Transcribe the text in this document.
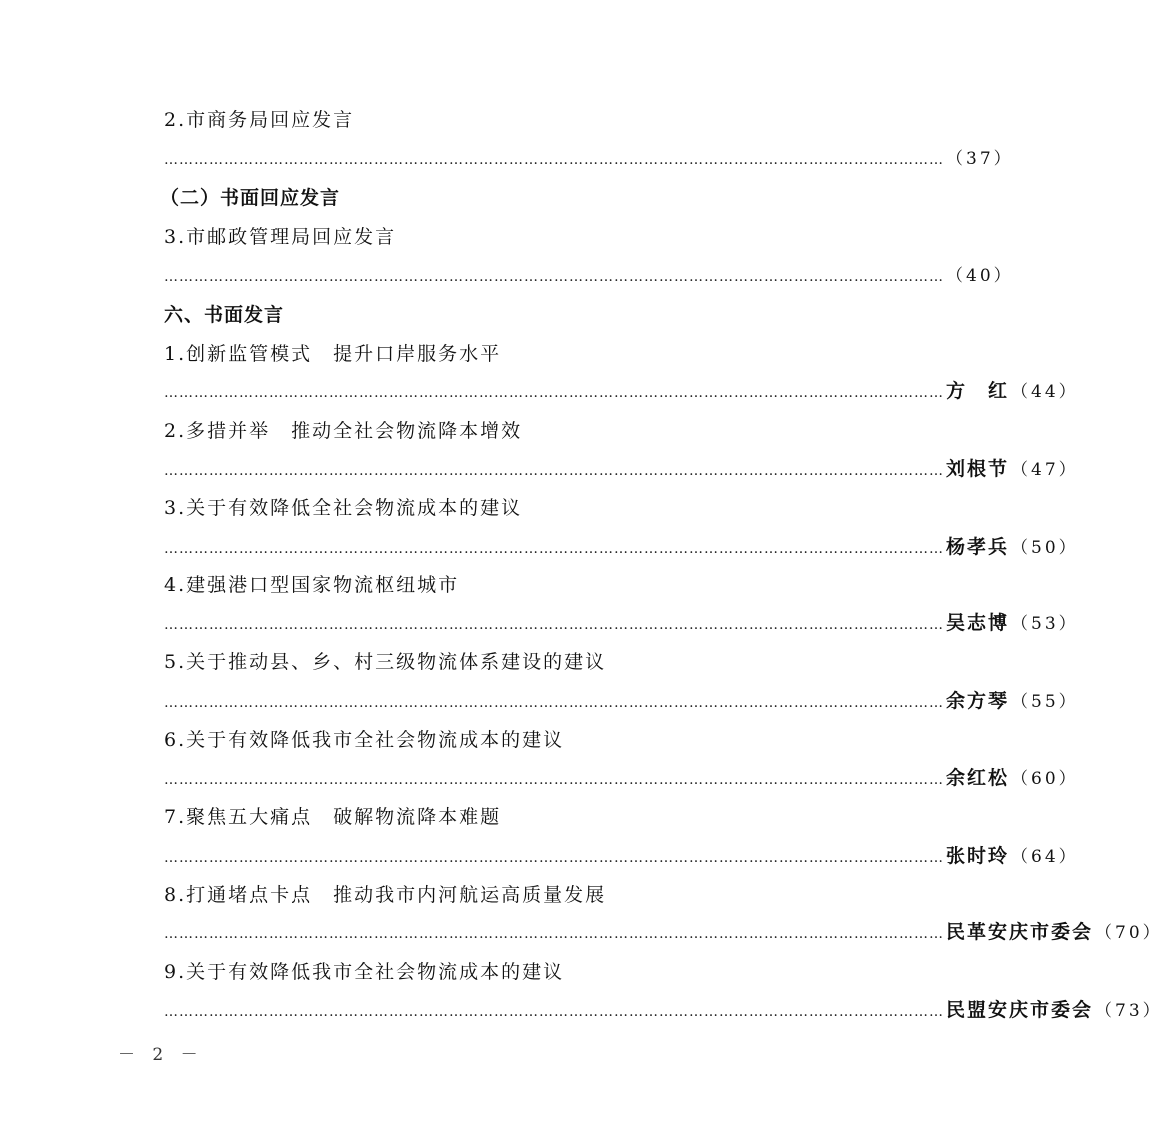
2.市商务局回应发言
………………………………………………………………………………………………………………………………………… （37）
（二）书面回应发言
3.市邮政管理局回应发言
………………………………………………………………………………………………………………………………………… （40）
六、书面发言
1.创新监管模式　提升口岸服务水平
………………………………………………………………………………………………………………………………………… 方　红 （44）
2.多措并举　推动全社会物流降本增效
………………………………………………………………………………………………………………………………………… 刘根节 （47）
3.关于有效降低全社会物流成本的建议
………………………………………………………………………………………………………………………………………… 杨孝兵 （50）
4.建强港口型国家物流枢纽城市
………………………………………………………………………………………………………………………………………… 吴志博 （53）
5.关于推动县、乡、村三级物流体系建设的建议
………………………………………………………………………………………………………………………………………… 余方琴 （55）
6.关于有效降低我市全社会物流成本的建议
………………………………………………………………………………………………………………………………………… 余红松 （60）
7.聚焦五大痛点　破解物流降本难题
………………………………………………………………………………………………………………………………………… 张时玲 （64）
8.打通堵点卡点　推动我市内河航运高质量发展
………………………………………………………………………………………………………………………………………… 民革安庆市委会 （70）
9.关于有效降低我市全社会物流成本的建议
………………………………………………………………………………………………………………………………………… 民盟安庆市委会 （73）
－ 2 －
